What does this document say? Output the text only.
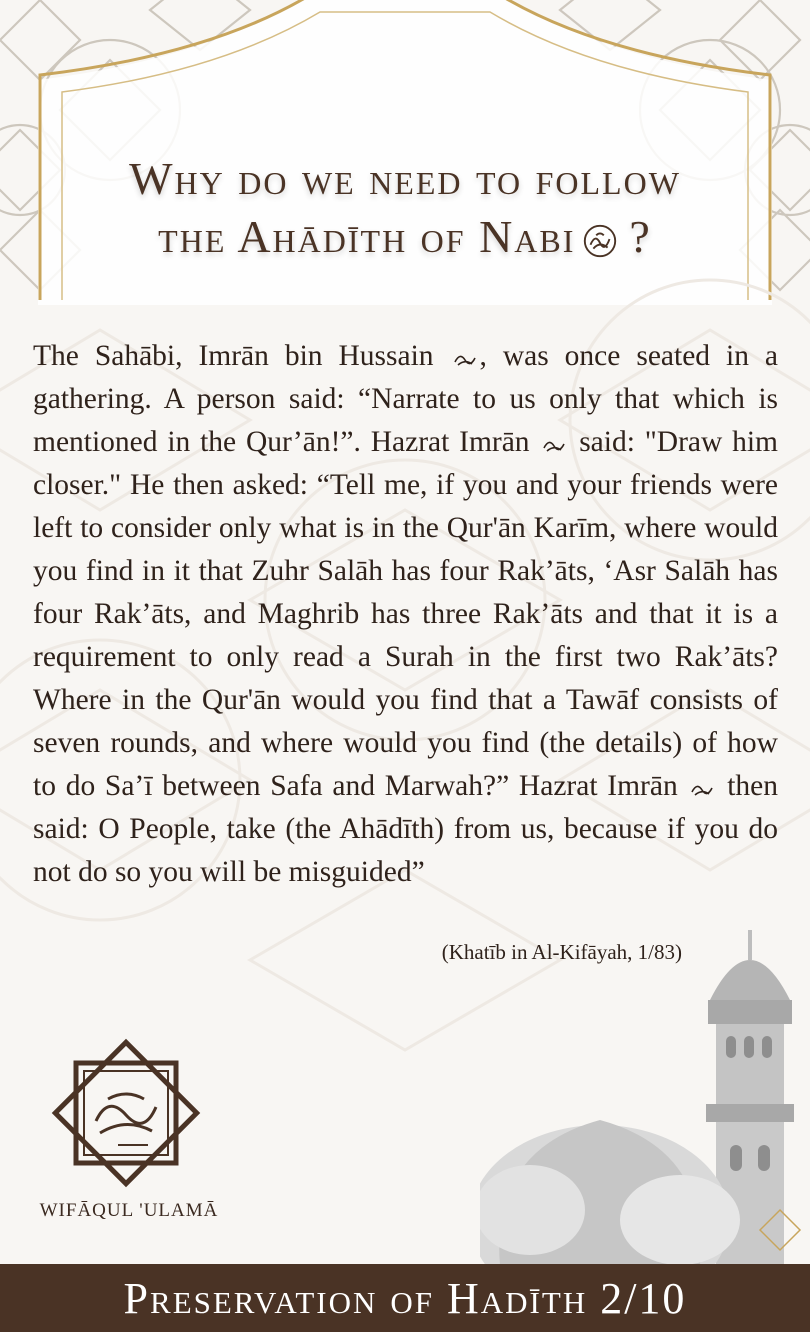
Why do we need to follow
the Ahādīth of Nabi ?
The Sahābi, Imrān bin Hussain , was once seated in a gathering. A person said: “Narrate to us only that which is mentioned in the Qur’ān!”. Hazrat Imrān  said: "Draw him closer." He then asked: “Tell me, if you and your friends were left to consider only what is in the Qur'ān Karīm, where would you find in it that Zuhr Salāh has four Rak’āts, ‘Asr Salāh has four Rak’āts, and Maghrib has three Rak’āts and that it is a requirement to only read a Surah in the first two Rak’āts? Where in the Qur'ān would you find that a Tawāf consists of seven rounds, and where would you find (the details) of how to do Sa’ī between Safa and Marwah?” Hazrat Imrān  then said: O People, take (the Ahādīth) from us, because if you do not do so you will be misguided”
(Khatīb in Al-Kifāyah, 1/83)
WIFĀQUL 'ULAMĀ
Preservation of Hadīth 2/10
